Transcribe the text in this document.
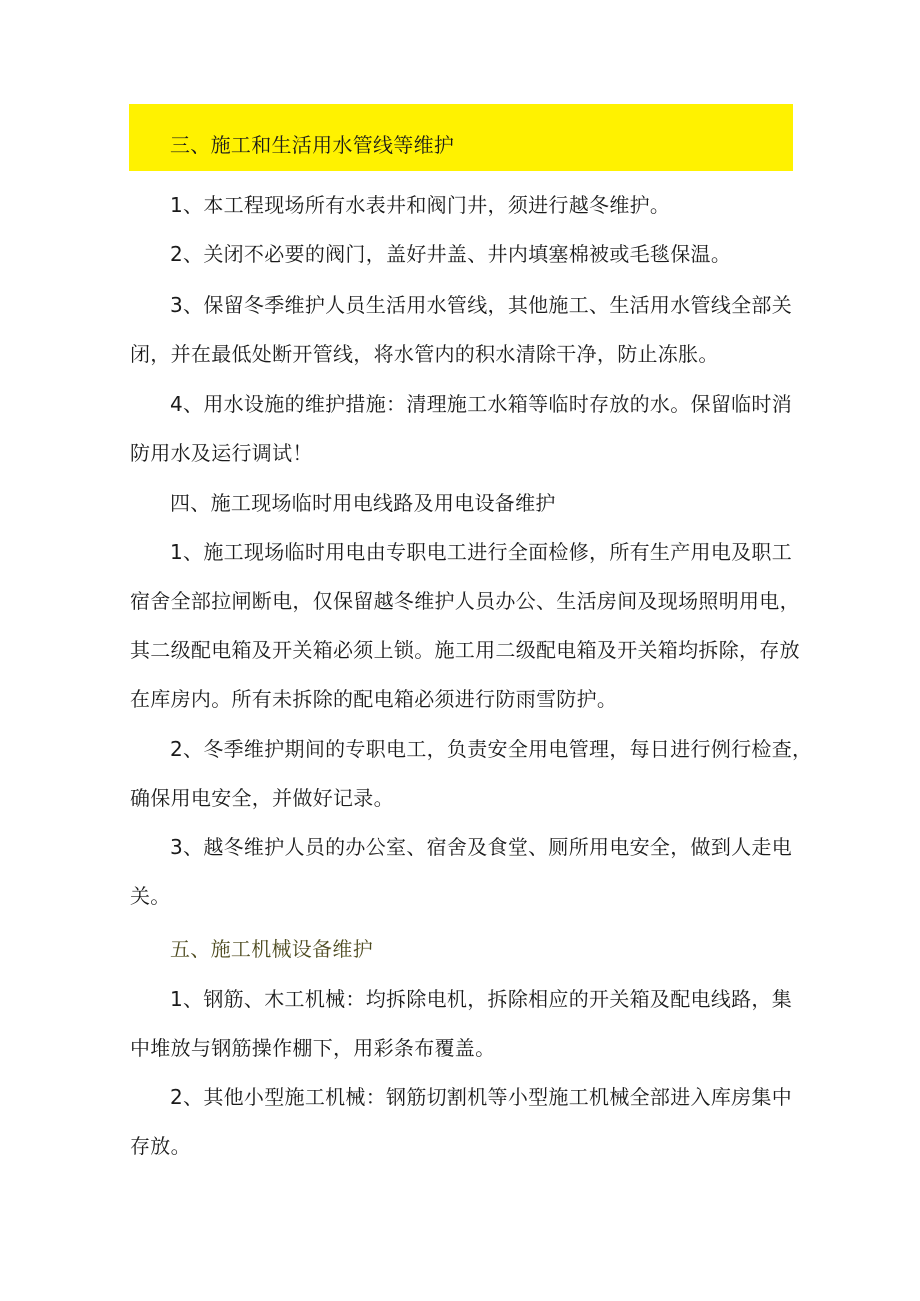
三、施工和生活用水管线等维护
1、本工程现场所有水表井和阀门井，须进行越冬维护。
2、关闭不必要的阀门，盖好井盖、井内填塞棉被或毛毯保温。
3、保留冬季维护人员生活用水管线，其他施工、生活用水管线全部关
闭，并在最低处断开管线，将水管内的积水清除干净，防止冻胀。
4、用水设施的维护措施：清理施工水箱等临时存放的水。保留临时消
防用水及运行调试！
四、施工现场临时用电线路及用电设备维护
1、施工现场临时用电由专职电工进行全面检修，所有生产用电及职工
宿舍全部拉闸断电，仅保留越冬维护人员办公、生活房间及现场照明用电，
其二级配电箱及开关箱必须上锁。施工用二级配电箱及开关箱均拆除，存放
在库房内。所有未拆除的配电箱必须进行防雨雪防护。
2、冬季维护期间的专职电工，负责安全用电管理，每日进行例行检查，
确保用电安全，并做好记录。
3、越冬维护人员的办公室、宿舍及食堂、厕所用电安全，做到人走电
关。
五、施工机械设备维护
1、钢筋、木工机械：均拆除电机，拆除相应的开关箱及配电线路，集
中堆放与钢筋操作棚下，用彩条布覆盖。
2、其他小型施工机械：钢筋切割机等小型施工机械全部进入库房集中
存放。
